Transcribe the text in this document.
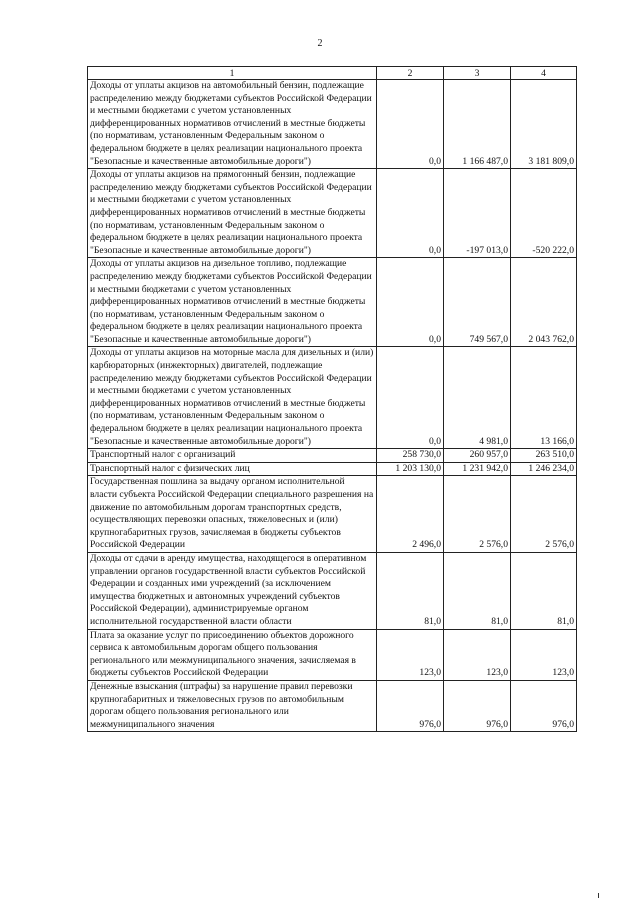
2
1	2	3	4
Доходы от уплаты акцизов на автомобильный бензин, подлежащие распределению между бюджетами субъектов Российской Федерации и местными бюджетами с учетом установленных дифференцированных нормативов отчислений в местные бюджеты (по нормативам, установленным Федеральным законом о федеральном бюджете в целях реализации национального проекта "Безопасные и качественные автомобильные дороги")	0,0	1 166 487,0	3 181 809,0
Доходы от уплаты акцизов на прямогонный бензин, подлежащие распределению между бюджетами субъектов Российской Федерации и местными бюджетами с учетом установленных дифференцированных нормативов отчислений в местные бюджеты (по нормативам, установленным Федеральным законом о федеральном бюджете в целях реализации национального проекта "Безопасные и качественные автомобильные дороги")	0,0	-197 013,0	-520 222,0
Доходы от уплаты акцизов на дизельное топливо, подлежащие распределению между бюджетами субъектов Российской Федерации и местными бюджетами с учетом установленных дифференцированных нормативов отчислений в местные бюджеты (по нормативам, установленным Федеральным законом о федеральном бюджете в целях реализации национального проекта "Безопасные и качественные автомобильные дороги")	0,0	749 567,0	2 043 762,0
Доходы от уплаты акцизов на моторные масла для дизельных и (или) карбюраторных (инжекторных) двигателей, подлежащие распределению между бюджетами субъектов Российской Федерации и местными бюджетами с учетом установленных дифференцированных нормативов отчислений в местные бюджеты (по нормативам, установленным Федеральным законом о федеральном бюджете в целях реализации национального проекта "Безопасные и качественные автомобильные дороги")	0,0	4 981,0	13 166,0
Транспортный налог с организаций	258 730,0	260 957,0	263 510,0
Транспортный налог с физических лиц	1 203 130,0	1 231 942,0	1 246 234,0
Государственная пошлина за выдачу органом исполнительной власти субъекта Российской Федерации специального разрешения на движение по автомобильным дорогам транспортных средств, осуществляющих перевозки опасных, тяжеловесных и (или) крупногабаритных грузов, зачисляемая в бюджеты субъектов Российской Федерации	2 496,0	2 576,0	2 576,0
Доходы от сдачи в аренду имущества, находящегося в оперативном управлении органов государственной власти субъектов Российской Федерации и созданных ими учреждений (за исключением имущества бюджетных и автономных учреждений субъектов Российской Федерации), администрируемые органом исполнительной государственной власти области	81,0	81,0	81,0
Плата за оказание услуг по присоединению объектов дорожного сервиса к автомобильным дорогам общего пользования регионального или межмуниципального значения, зачисляемая в бюджеты субъектов Российской Федерации	123,0	123,0	123,0
Денежные взыскания (штрафы) за нарушение правил перевозки крупногабаритных и тяжеловесных грузов по автомобильным дорогам общего пользования регионального или межмуниципального значения	976,0	976,0	976,0
